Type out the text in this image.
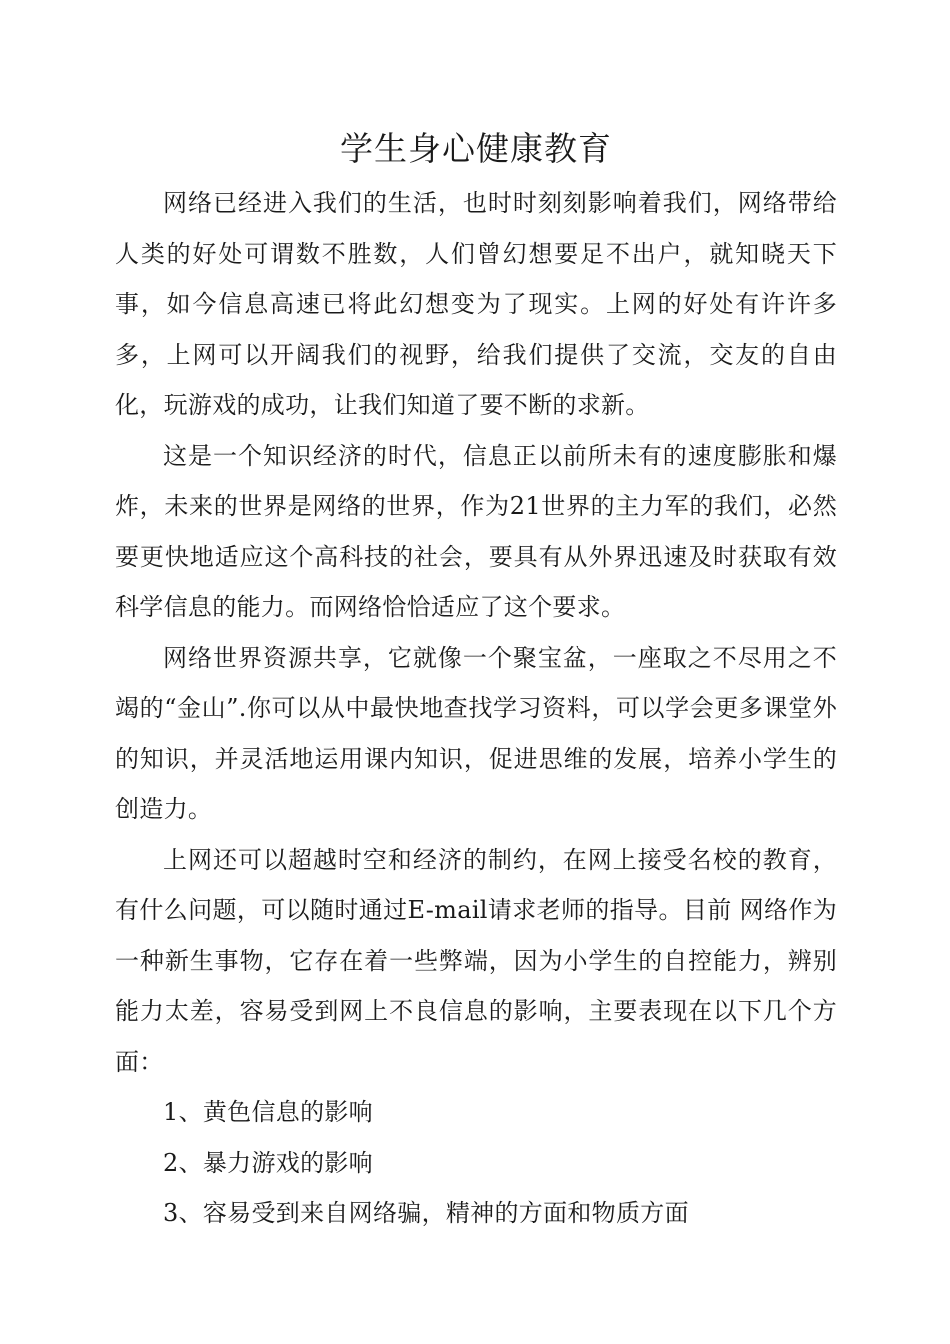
学生身心健康教育

网络已经进入我们的生活，也时时刻刻影响着我们，网络带给人类的好处可谓数不胜数，人们曾幻想要足不出户，就知晓天下事，如今信息高速已将此幻想变为了现实。上网的好处有许许多多，上网可以开阔我们的视野，给我们提供了交流，交友的自由化，玩游戏的成功，让我们知道了要不断的求新。

这是一个知识经济的时代，信息正以前所未有的速度膨胀和爆炸，未来的世界是网络的世界，作为21世界的主力军的我们，必然要更快地适应这个高科技的社会，要具有从外界迅速及时获取有效科学信息的能力。而网络恰恰适应了这个要求。

网络世界资源共享，它就像一个聚宝盆，一座取之不尽用之不竭的“金山”.你可以从中最快地查找学习资料，可以学会更多课堂外的知识，并灵活地运用课内知识，促进思维的发展，培养小学生的创造力。

上网还可以超越时空和经济的制约，在网上接受名校的教育，有什么问题，可以随时通过E-mail请求老师的指导。目前 网络作为一种新生事物，它存在着一些弊端，因为小学生的自控能力，辨别能力太差，容易受到网上不良信息的影响，主要表现在以下几个方面：

1、黄色信息的影响

2、暴力游戏的影响

3、容易受到来自网络骗，精神的方面和物质方面
